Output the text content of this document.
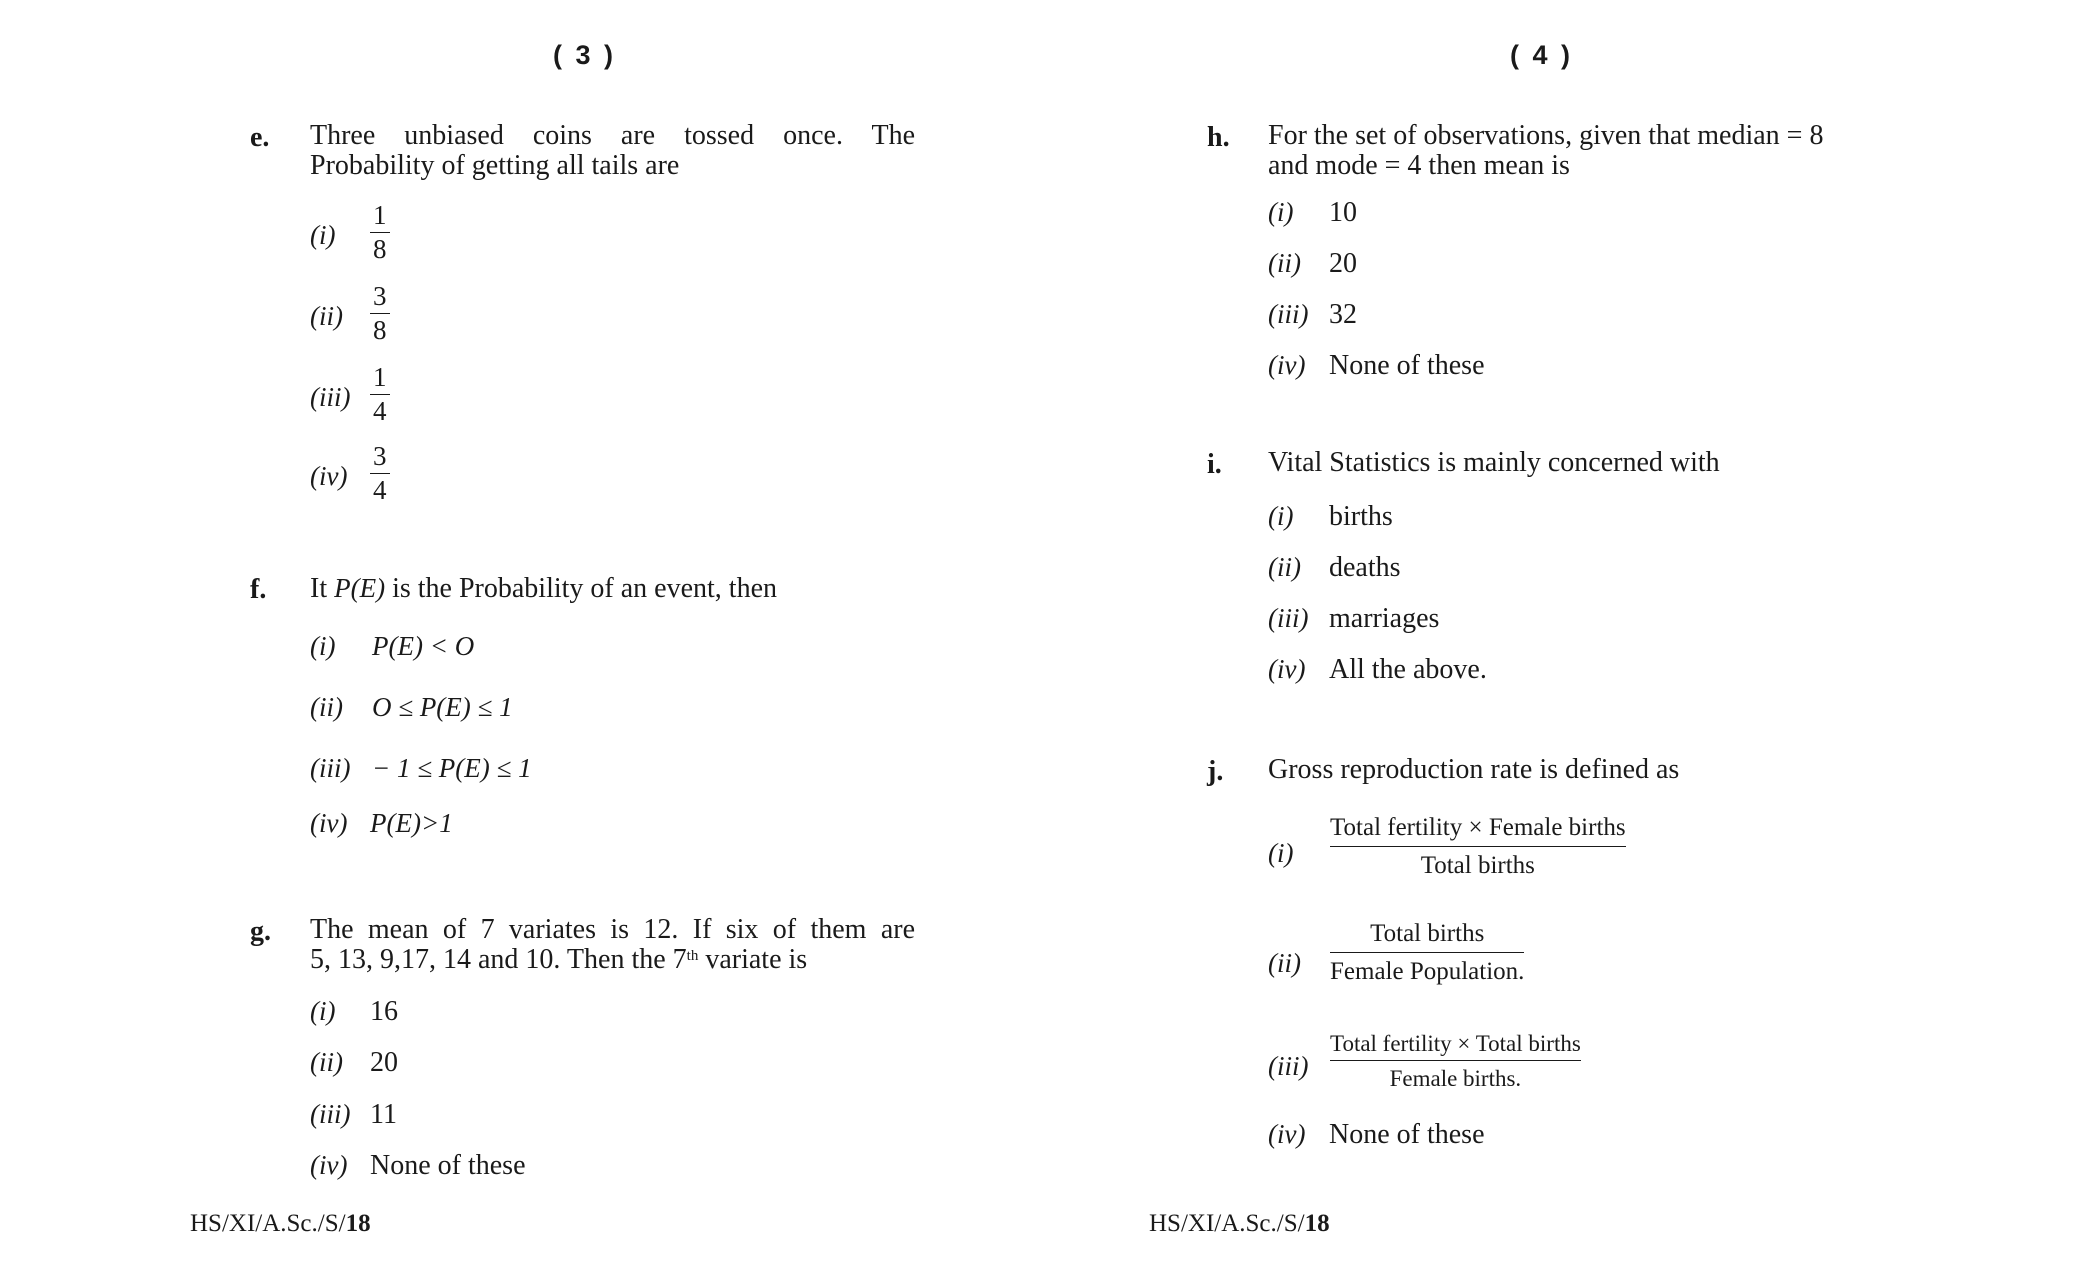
( 3 )
e. Three unbiased coins are tossed once. The
Probability of getting all tails are
(i)
1
8
(ii)
3
8
(iii)
1
4
(iv)
3
4
f. It P(E) is the Probability of an event, then
(i) P(E) < O
(ii) O ≤ P(E) ≤ 1
(iii) − 1 ≤ P(E) ≤ 1
(iv) P(E)>1
g. The mean of 7 variates is 12. If six of them are
5, 13, 9,17, 14 and 10. Then the 7th variate is
(i) 16
(ii) 20
(iii) 11
(iv) None of these
HS/XI/A.Sc./S/18
( 4 )
h. For the set of observations, given that median = 8
and mode = 4 then mean is
(i) 10
(ii) 20
(iii) 32
(iv) None of these
i. Vital Statistics is mainly concerned with
(i) births
(ii) deaths
(iii) marriages
(iv) All the above.
j. Gross reproduction rate is defined as
(i)
Total fertility × Female births
Total births
(ii)
Total births
Female Population.
(iii)
Total fertility × Total births
Female births.
(iv) None of these
HS/XI/A.Sc./S/18
